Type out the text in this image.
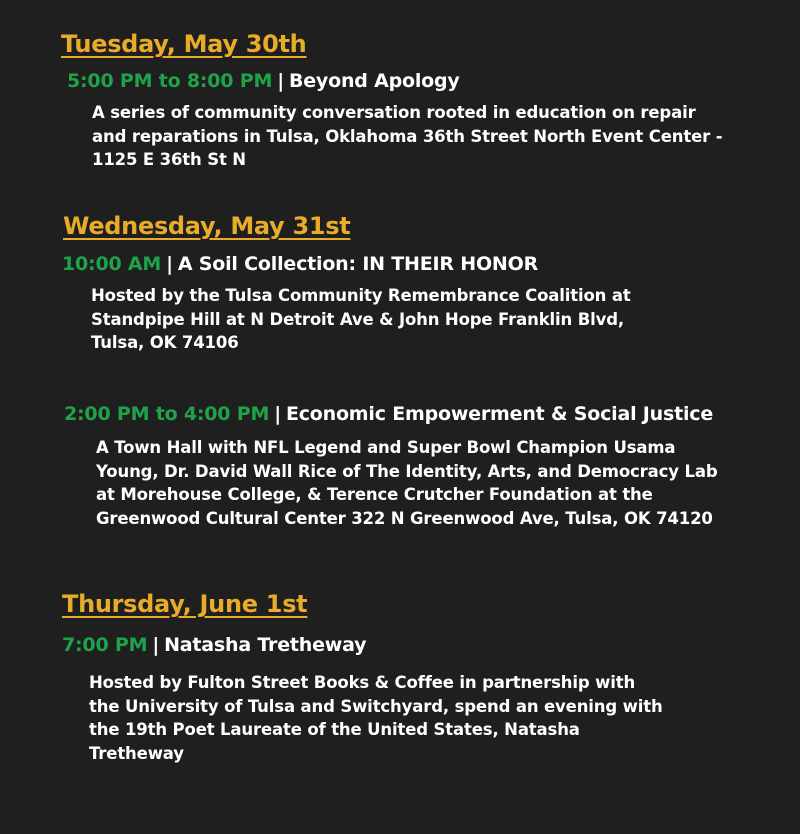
Tuesday, May 30th
5:00 PM to 8:00 PM | Beyond Apology
A series of community conversation rooted in education on repair and reparations in Tulsa, Oklahoma 36th Street North Event Center - 1125 E 36th St N
Wednesday, May 31st
10:00 AM | A Soil Collection: IN THEIR HONOR
Hosted by the Tulsa Community Remembrance Coalition at Standpipe Hill at N Detroit Ave & John Hope Franklin Blvd, Tulsa, OK 74106
2:00 PM to 4:00 PM | Economic Empowerment & Social Justice
A Town Hall with NFL Legend and Super Bowl Champion Usama Young, Dr. David Wall Rice of The Identity, Arts, and Democracy Lab at Morehouse College, & Terence Crutcher Foundation at the Greenwood Cultural Center 322 N Greenwood Ave, Tulsa, OK 74120
Thursday, June 1st
7:00 PM | Natasha Tretheway
Hosted by Fulton Street Books & Coffee in partnership with the University of Tulsa and Switchyard, spend an evening with the 19th Poet Laureate of the United States, Natasha Tretheway
